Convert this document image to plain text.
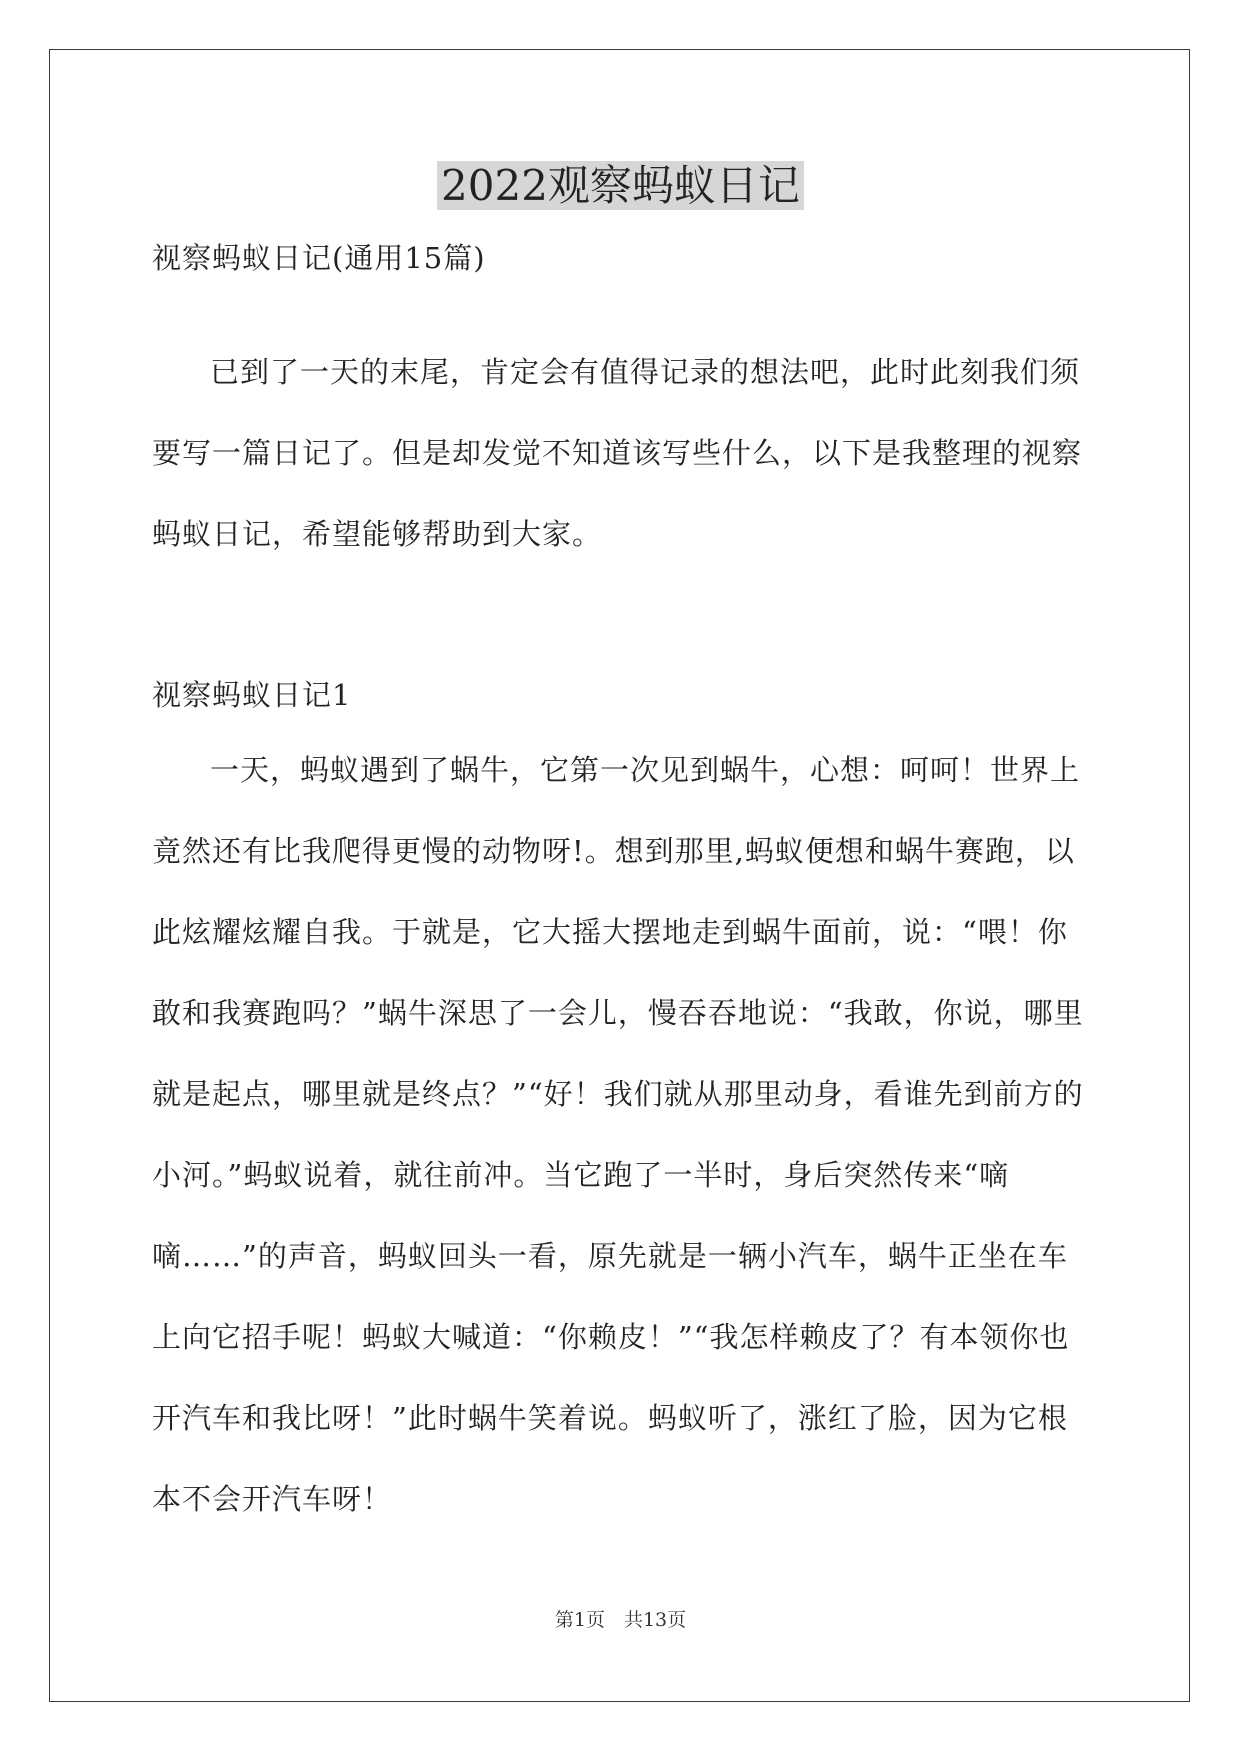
2022观察蚂蚁日记
视察蚂蚁日记(通用15篇)
已到了一天的末尾，肯定会有值得记录的想法吧，此时此刻我们须要写一篇日记了。但是却发觉不知道该写些什么，以下是我整理的视察蚂蚁日记，希望能够帮助到大家。
视察蚂蚁日记1
一天，蚂蚁遇到了蜗牛，它第一次见到蜗牛，心想：呵呵！世界上竟然还有比我爬得更慢的动物呀!。想到那里,蚂蚁便想和蜗牛赛跑，以此炫耀炫耀自我。于就是，它大摇大摆地走到蜗牛面前，说：“喂！你敢和我赛跑吗？”蜗牛深思了一会儿，慢吞吞地说：“我敢，你说，哪里就是起点，哪里就是终点？”“好！我们就从那里动身，看谁先到前方的小河。”蚂蚁说着，就往前冲。当它跑了一半时，身后突然传来“嘀嘀……”的声音，蚂蚁回头一看，原先就是一辆小汽车，蜗牛正坐在车上向它招手呢！蚂蚁大喊道：“你赖皮！”“我怎样赖皮了？有本领你也开汽车和我比呀！”此时蜗牛笑着说。蚂蚁听了，涨红了脸，因为它根本不会开汽车呀！
第1页　共13页
